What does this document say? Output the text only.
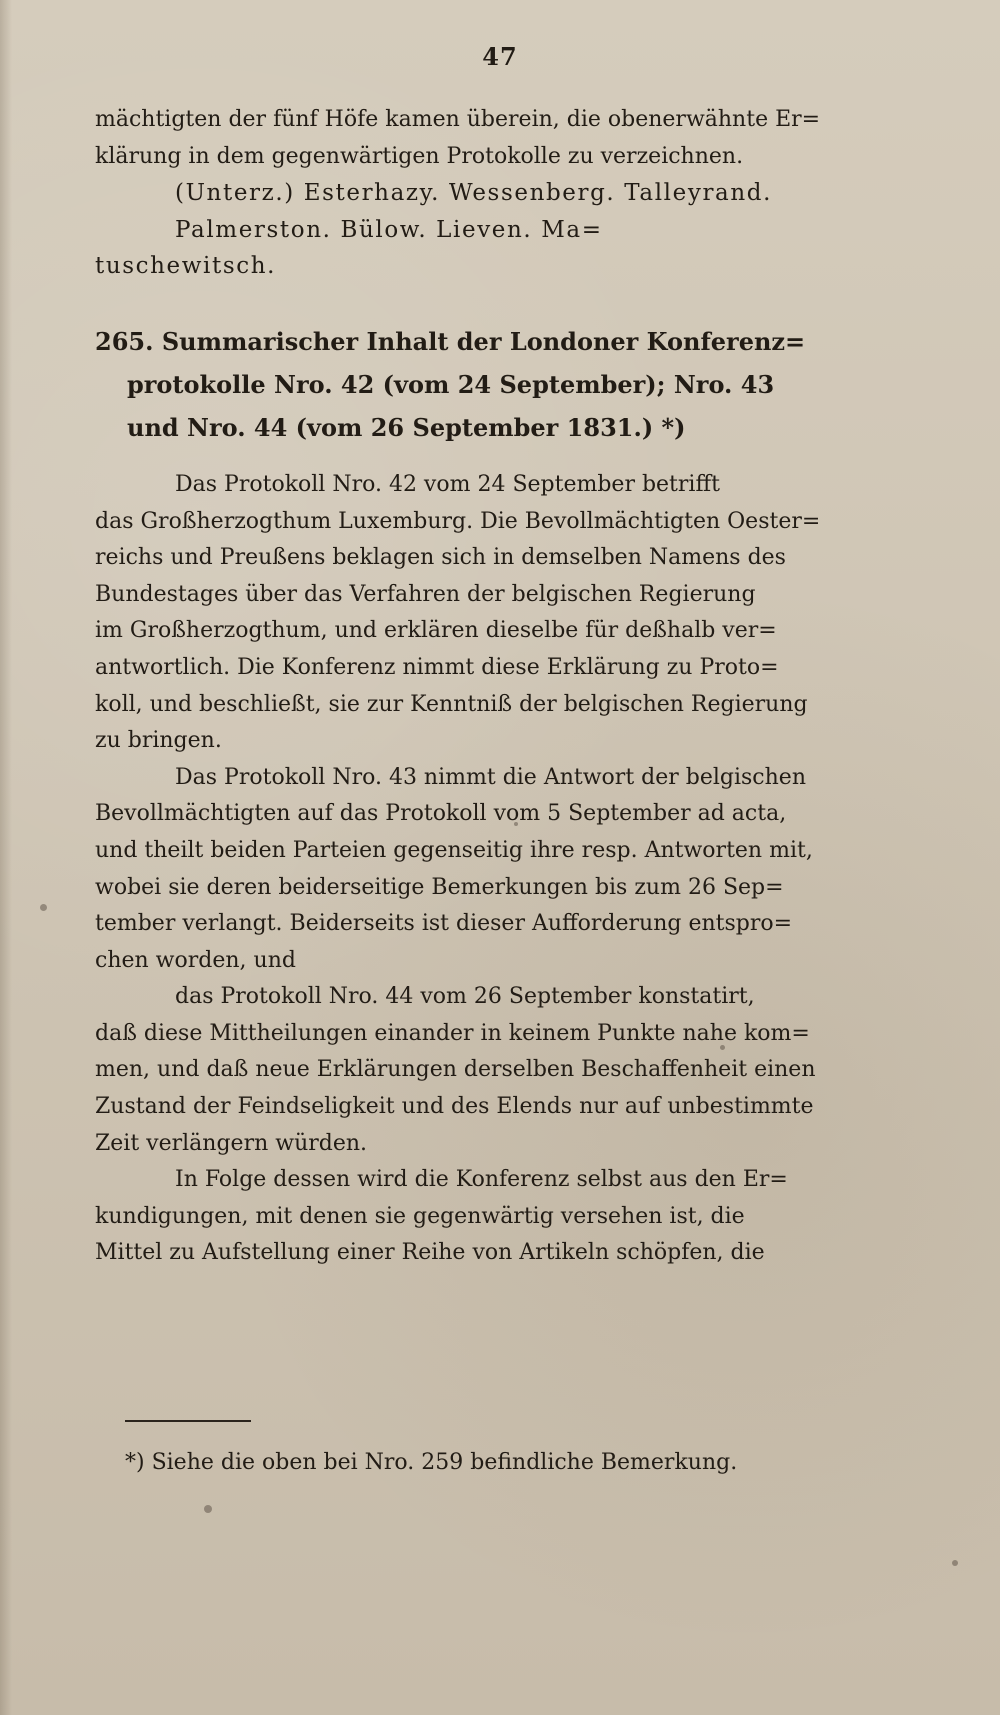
47
mächtigten der fünf Höfe kamen überein, die obenerwähnte Er=
klärung in dem gegenwärtigen Protokolle zu verzeichnen.
(Unterz.) Esterhazy. Wessenberg. Talleyrand.
Palmerston. Bülow. Lieven. Ma=
tuschewitsch.
265. Summarischer Inhalt der Londoner Konferenz=
protokolle Nro. 42 (vom 24 September); Nro. 43
und Nro. 44 (vom 26 September 1831.) *)
Das Protokoll Nro. 42 vom 24 September betrifft
das Großherzogthum Luxemburg. Die Bevollmächtigten Oester=
reichs und Preußens beklagen sich in demselben Namens des
Bundestages über das Verfahren der belgischen Regierung
im Großherzogthum, und erklären dieselbe für deßhalb ver=
antwortlich. Die Konferenz nimmt diese Erklärung zu Proto=
koll, und beschließt, sie zur Kenntniß der belgischen Regierung
zu bringen.
Das Protokoll Nro. 43 nimmt die Antwort der belgischen
Bevollmächtigten auf das Protokoll vom 5 September ad acta,
und theilt beiden Parteien gegenseitig ihre resp. Antworten mit,
wobei sie deren beiderseitige Bemerkungen bis zum 26 Sep=
tember verlangt. Beiderseits ist dieser Aufforderung entspro=
chen worden, und
das Protokoll Nro. 44 vom 26 September konstatirt,
daß diese Mittheilungen einander in keinem Punkte nahe kom=
men, und daß neue Erklärungen derselben Beschaffenheit einen
Zustand der Feindseligkeit und des Elends nur auf unbestimmte
Zeit verlängern würden.
In Folge dessen wird die Konferenz selbst aus den Er=
kundigungen, mit denen sie gegenwärtig versehen ist, die
Mittel zu Aufstellung einer Reihe von Artikeln schöpfen, die
*) Siehe die oben bei Nro. 259 befindliche Bemerkung.
